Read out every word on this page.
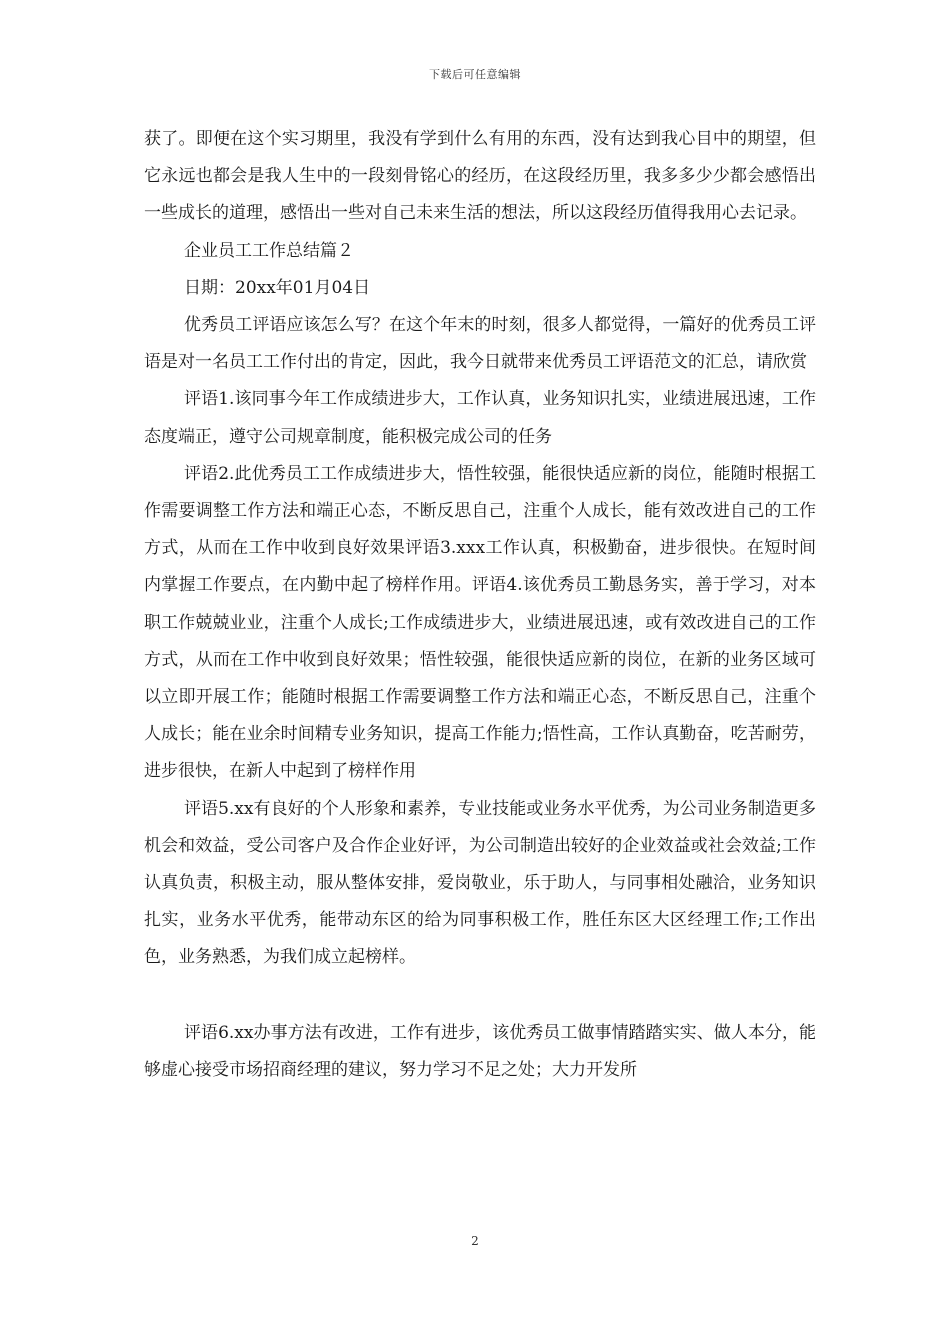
下载后可任意编辑

获了。即便在这个实习期里，我没有学到什么有用的东西，没有达到我心目中的期望，但它永远也都会是我人生中的一段刻骨铭心的经历，在这段经历里，我多多少少都会感悟出一些成长的道理，感悟出一些对自己未来生活的想法，所以这段经历值得我用心去记录。

企业员工工作总结篇２

日期：20xx年01月04日

优秀员工评语应该怎么写？在这个年末的时刻，很多人都觉得，一篇好的优秀员工评语是对一名员工工作付出的肯定，因此，我今日就带来优秀员工评语范文的汇总，请欣赏

评语1.该同事今年工作成绩进步大，工作认真，业务知识扎实，业绩进展迅速，工作态度端正，遵守公司规章制度，能积极完成公司的任务

评语2.此优秀员工工作成绩进步大，悟性较强，能很快适应新的岗位，能随时根据工作需要调整工作方法和端正心态，不断反思自己，注重个人成长，能有效改进自己的工作方式，从而在工作中收到良好效果评语3.xxx工作认真，积极勤奋，进步很快。在短时间内掌握工作要点，在内勤中起了榜样作用。评语4.该优秀员工勤恳务实，善于学习，对本职工作兢兢业业，注重个人成长;工作成绩进步大，业绩进展迅速，或有效改进自己的工作方式，从而在工作中收到良好效果；悟性较强，能很快适应新的岗位，在新的业务区域可以立即开展工作；能随时根据工作需要调整工作方法和端正心态，不断反思自己，注重个人成长；能在业余时间精专业务知识，提高工作能力;悟性高，工作认真勤奋，吃苦耐劳，进步很快，在新人中起到了榜样作用

评语5.xx有良好的个人形象和素养，专业技能或业务水平优秀，为公司业务制造更多机会和效益，受公司客户及合作企业好评，为公司制造出较好的企业效益或社会效益;工作认真负责，积极主动，服从整体安排，爱岗敬业，乐于助人，与同事相处融洽，业务知识扎实，业务水平优秀，能带动东区的给为同事积极工作，胜任东区大区经理工作;工作出色，业务熟悉，为我们成立起榜样。

评语6.xx办事方法有改进，工作有进步，该优秀员工做事情踏踏实实、做人本分，能够虚心接受市场招商经理的建议，努力学习不足之处；大力开发所

2
